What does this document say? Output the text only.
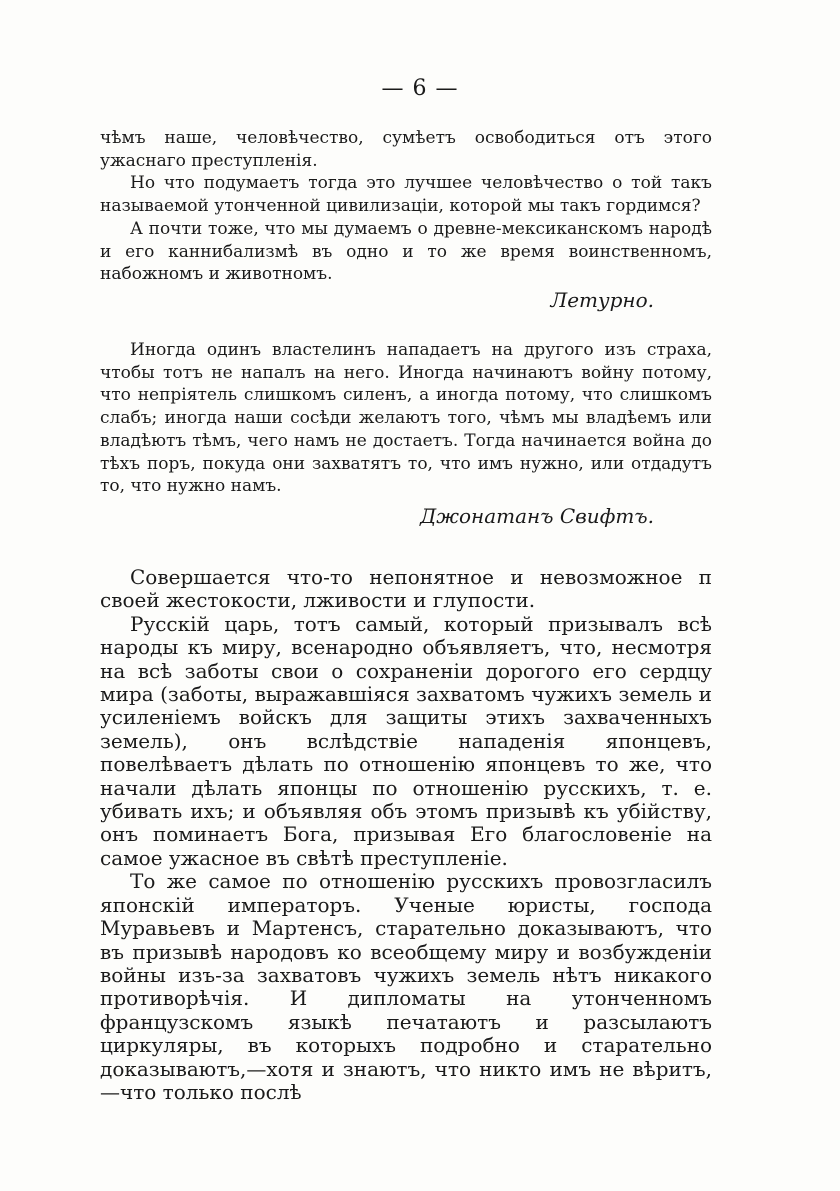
— 6 —

чѣмъ наше, человѣчество, сумѣетъ освободиться отъ этого ужаснаго преступленія.

Но что подумаетъ тогда это лучшее человѣчество о той такъ называемой утонченной цивилизаціи, которой мы такъ гордимся?

А почти тоже, что мы думаемъ о древне-мексиканскомъ народѣ и его каннибализмѣ въ одно и то же время воинственномъ, набожномъ и животномъ.

Летурно.

Иногда одинъ властелинъ нападаетъ на другого изъ страха, чтобы тотъ не напалъ на него. Иногда начинаютъ войну потому, что непріятель слишкомъ силенъ, а иногда потому, что слишкомъ слабъ; иногда наши сосѣди желаютъ того, чѣмъ мы владѣемъ или владѣютъ тѣмъ, чего намъ не достаетъ. Тогда начинается война до тѣхъ поръ, покуда они захватятъ то, что имъ нужно, или отдадутъ то, что нужно намъ.

Джонатанъ Свифтъ.

Совершается что-то непонятное и невозможное п своей жестокости, лживости и глупости.

Русскій царь, тотъ самый, который призывалъ всѣ народы къ миру, всенародно объявляетъ, что, несмотря на всѣ заботы свои о сохраненіи дорогого его сердцу мира (заботы, выражавшіяся захватомъ чужихъ земель и усиленіемъ войскъ для защиты этихъ захваченныхъ земель), онъ вслѣдствіе нападенія японцевъ, повелѣваетъ дѣлать по отношенію японцевъ то же, что начали дѣлать японцы по отношенію русскихъ, т. е. убивать ихъ; и объявляя объ этомъ призывѣ къ убійству, онъ поминаетъ Бога, призывая Его благословеніе на самое ужасное въ свѣтѣ преступленіе.

То же самое по отношенію русскихъ провозгласилъ японскій императоръ. Ученые юристы, господа Муравьевъ и Мартенсъ, старательно доказываютъ, что въ призывѣ народовъ ко всеобщему миру и возбужденіи войны изъ-за захватовъ чужихъ земель нѣтъ никакого противорѣчія. И дипломаты на утонченномъ французскомъ языкѣ печатаютъ и разсылаютъ циркуляры, въ которыхъ подробно и старательно доказываютъ,—хотя и знаютъ, что никто имъ не вѣритъ,—что только послѣ
